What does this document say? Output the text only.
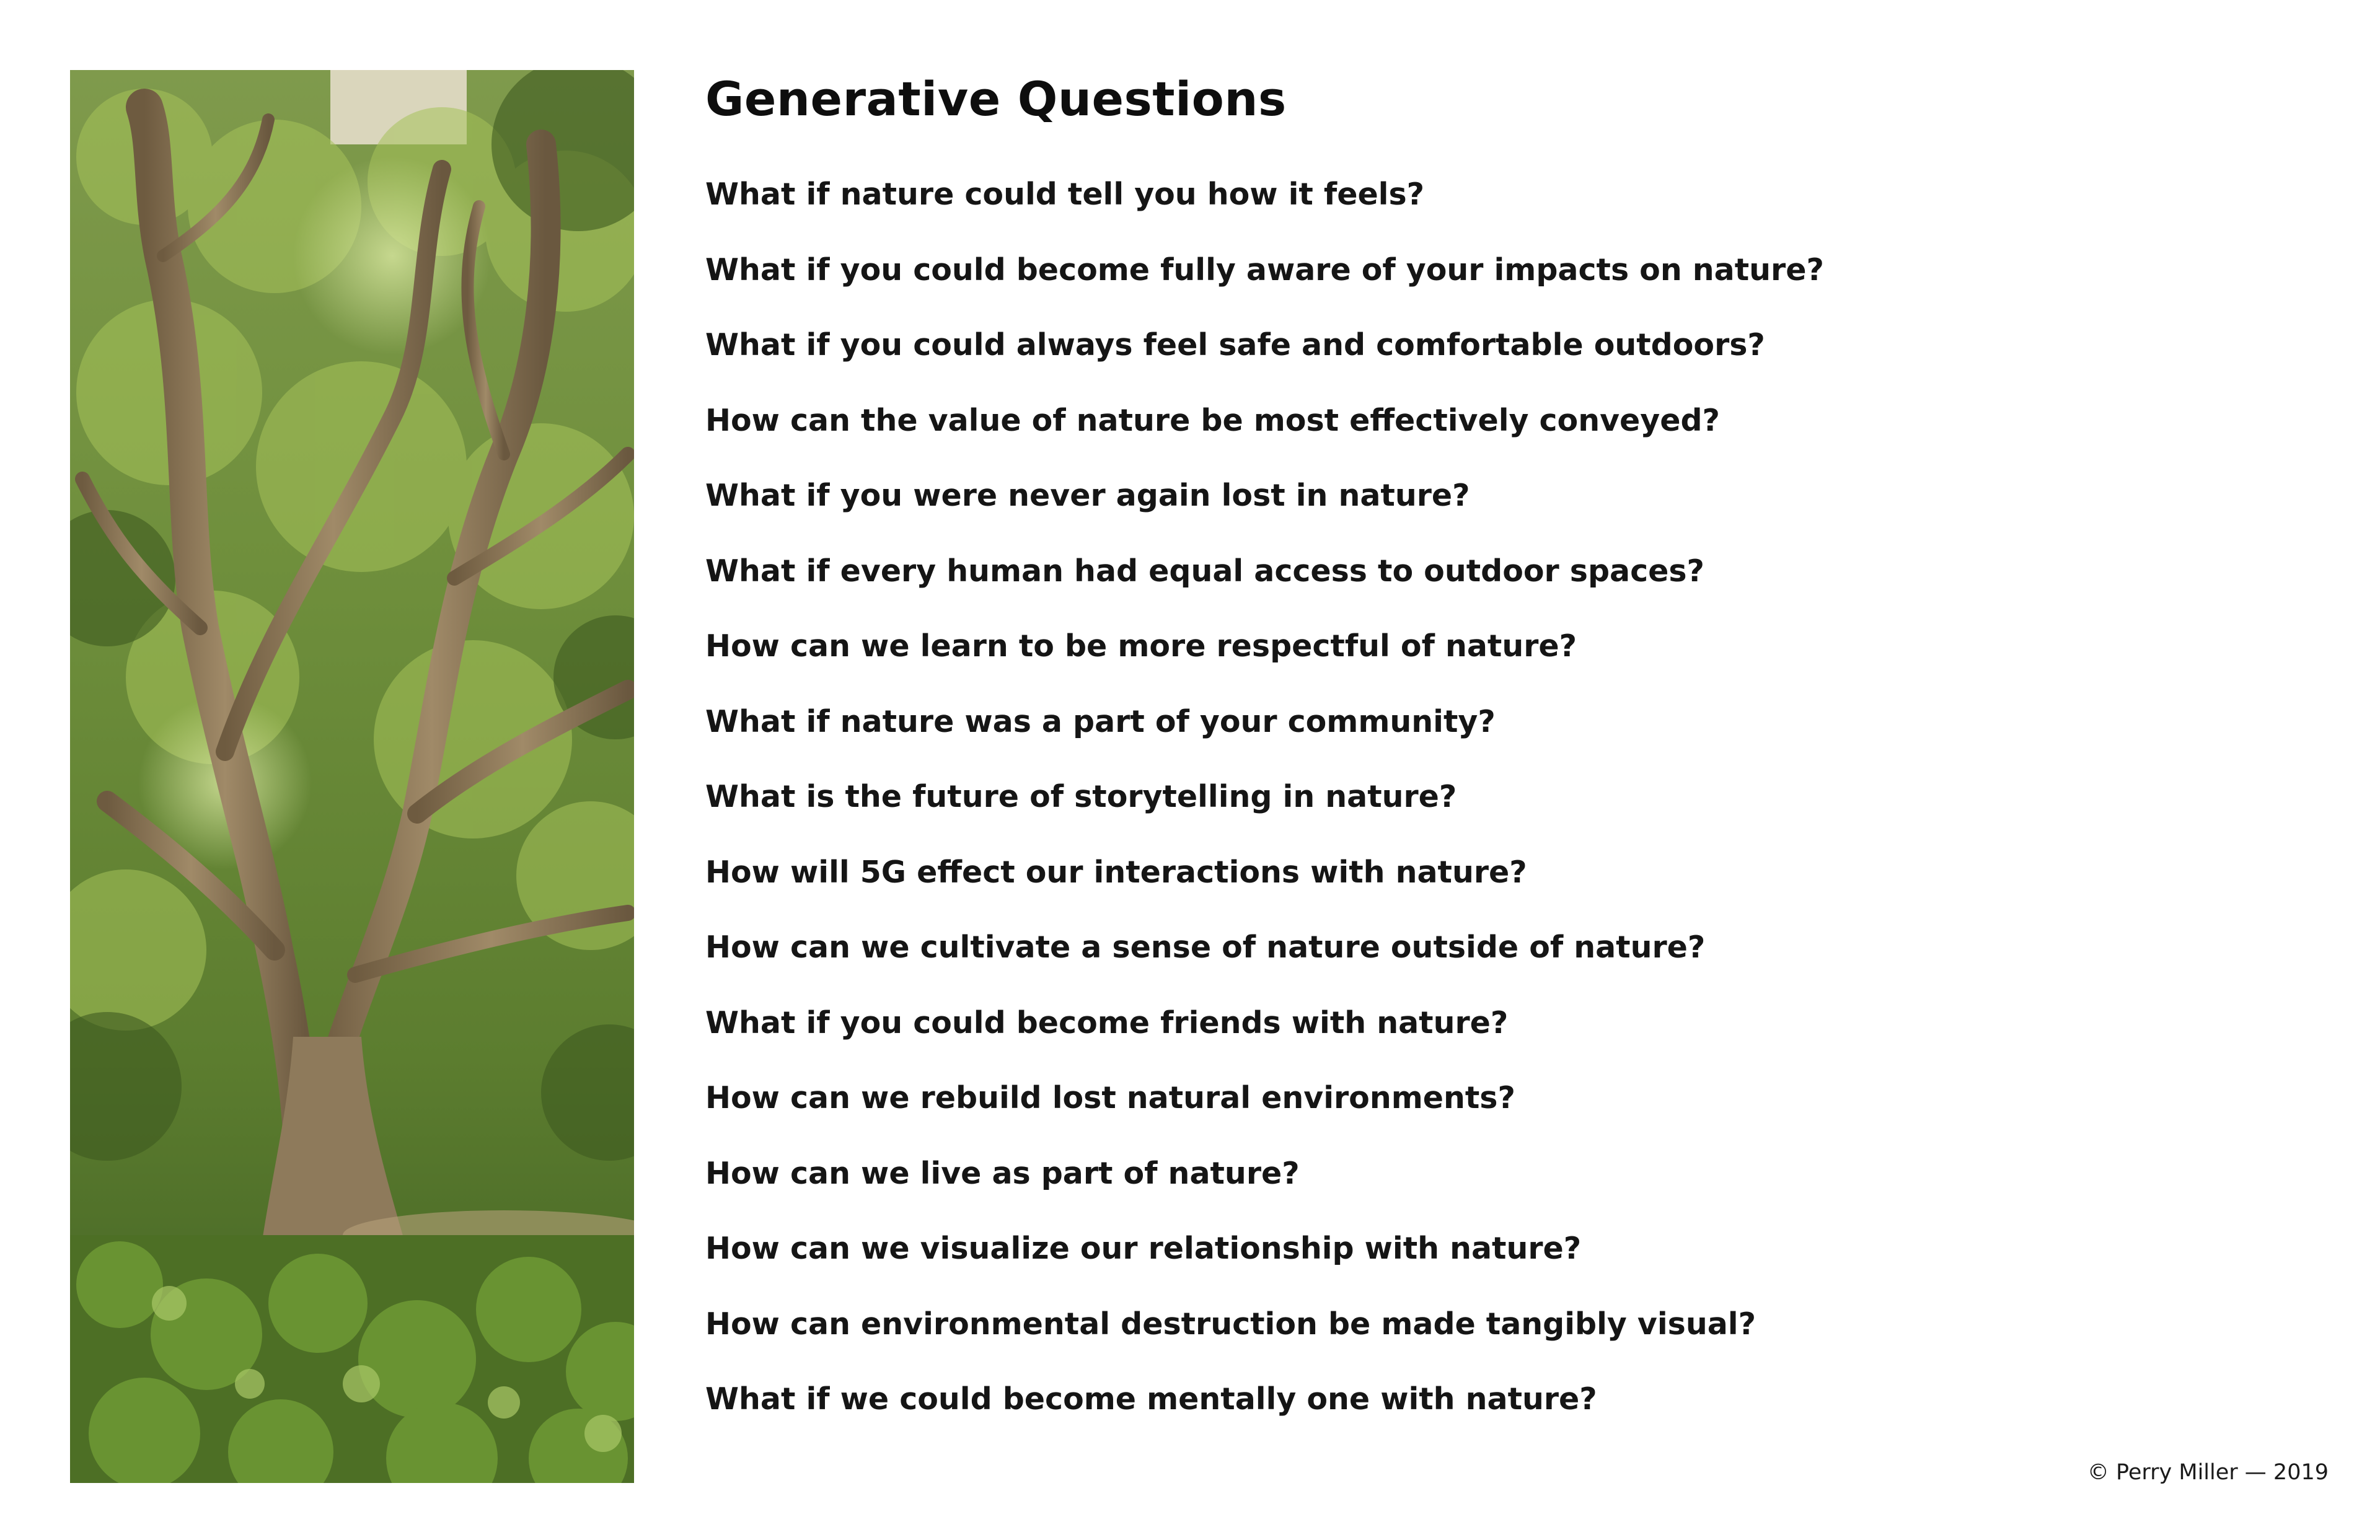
Generative Questions
What if nature could tell you how it feels?
What if you could become fully aware of your impacts on nature?
What if you could always feel safe and comfortable outdoors?
How can the value of nature be most effectively conveyed?
What if you were never again lost in nature?
What if every human had equal access to outdoor spaces?
How can we learn to be more respectful of nature?
What if nature was a part of your community?
What is the future of storytelling in nature?
How will 5G effect our interactions with nature?
How can we cultivate a sense of nature outside of nature?
What if you could become friends with nature?
How can we rebuild lost natural environments?
How can we live as part of nature?
How can we visualize our relationship with nature?
How can environmental destruction be made tangibly visual?
What if we could become mentally one with nature?
© Perry Miller — 2019
